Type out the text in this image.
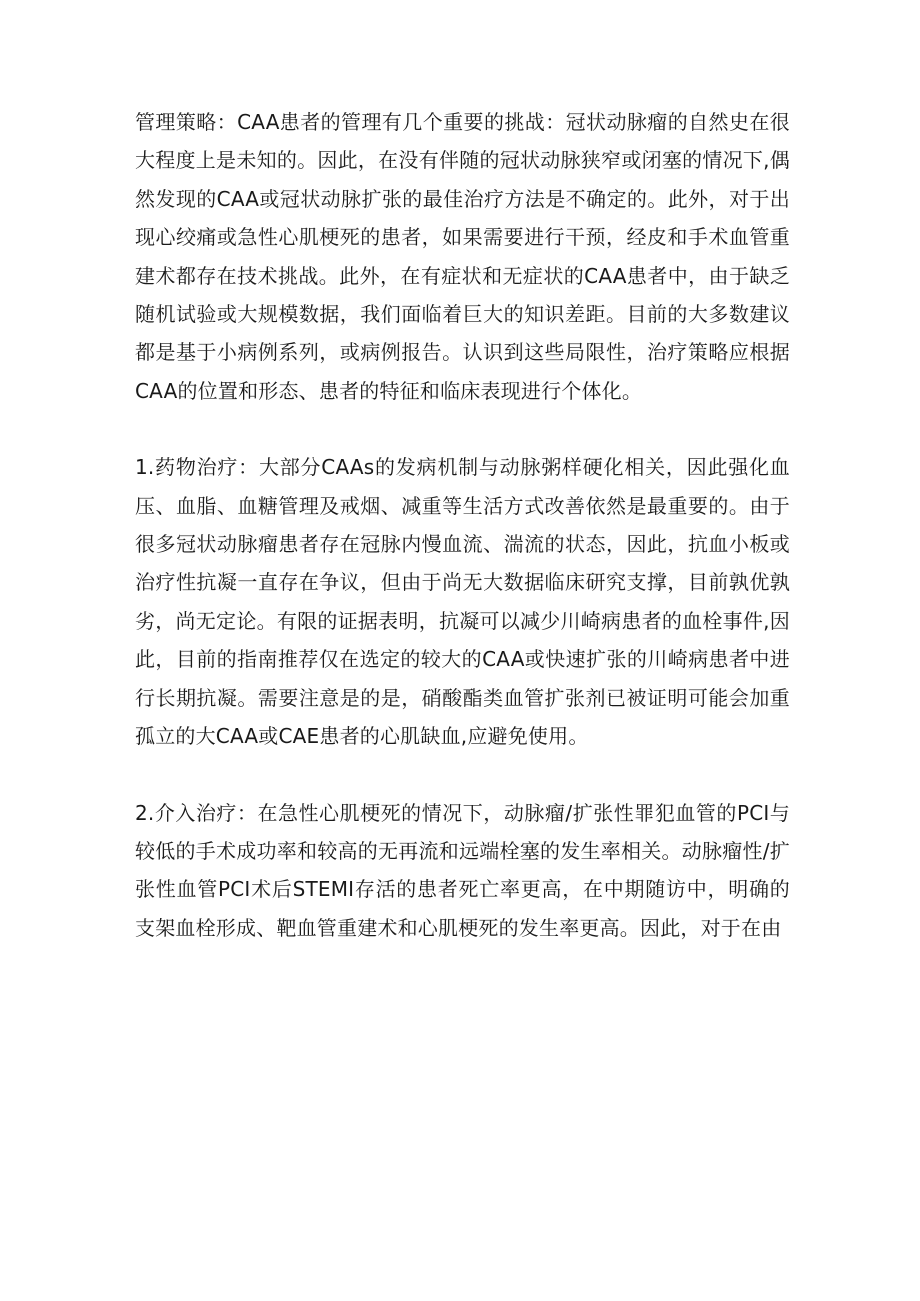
管理策略：CAA患者的管理有几个重要的挑战：冠状动脉瘤的自然史在很大程度上是未知的。因此，在没有伴随的冠状动脉狭窄或闭塞的情况下,偶然发现的CAA或冠状动脉扩张的最佳治疗方法是不确定的。此外，对于出现心绞痛或急性心肌梗死的患者，如果需要进行干预，经皮和手术血管重建术都存在技术挑战。此外，在有症状和无症状的CAA患者中，由于缺乏随机试验或大规模数据，我们面临着巨大的知识差距。目前的大多数建议都是基于小病例系列，或病例报告。认识到这些局限性，治疗策略应根据CAA的位置和形态、患者的特征和临床表现进行个体化。

1.药物治疗：大部分CAAs的发病机制与动脉粥样硬化相关，因此强化血压、血脂、血糖管理及戒烟、减重等生活方式改善依然是最重要的。由于很多冠状动脉瘤患者存在冠脉内慢血流、湍流的状态，因此，抗血小板或治疗性抗凝一直存在争议，但由于尚无大数据临床研究支撑，目前孰优孰劣，尚无定论。有限的证据表明，抗凝可以减少川崎病患者的血栓事件,因此，目前的指南推荐仅在选定的较大的CAA或快速扩张的川崎病患者中进行长期抗凝。需要注意是的是，硝酸酯类血管扩张剂已被证明可能会加重孤立的大CAA或CAE患者的心肌缺血,应避免使用。

2.介入治疗：在急性心肌梗死的情况下，动脉瘤/扩张性罪犯血管的PCI与较低的手术成功率和较高的无再流和远端栓塞的发生率相关。动脉瘤性/扩张性血管PCI术后STEMI存活的患者死亡率更高，在中期随访中，明确的支架血栓形成、靶血管重建术和心肌梗死的发生率更高。因此，对于在由
